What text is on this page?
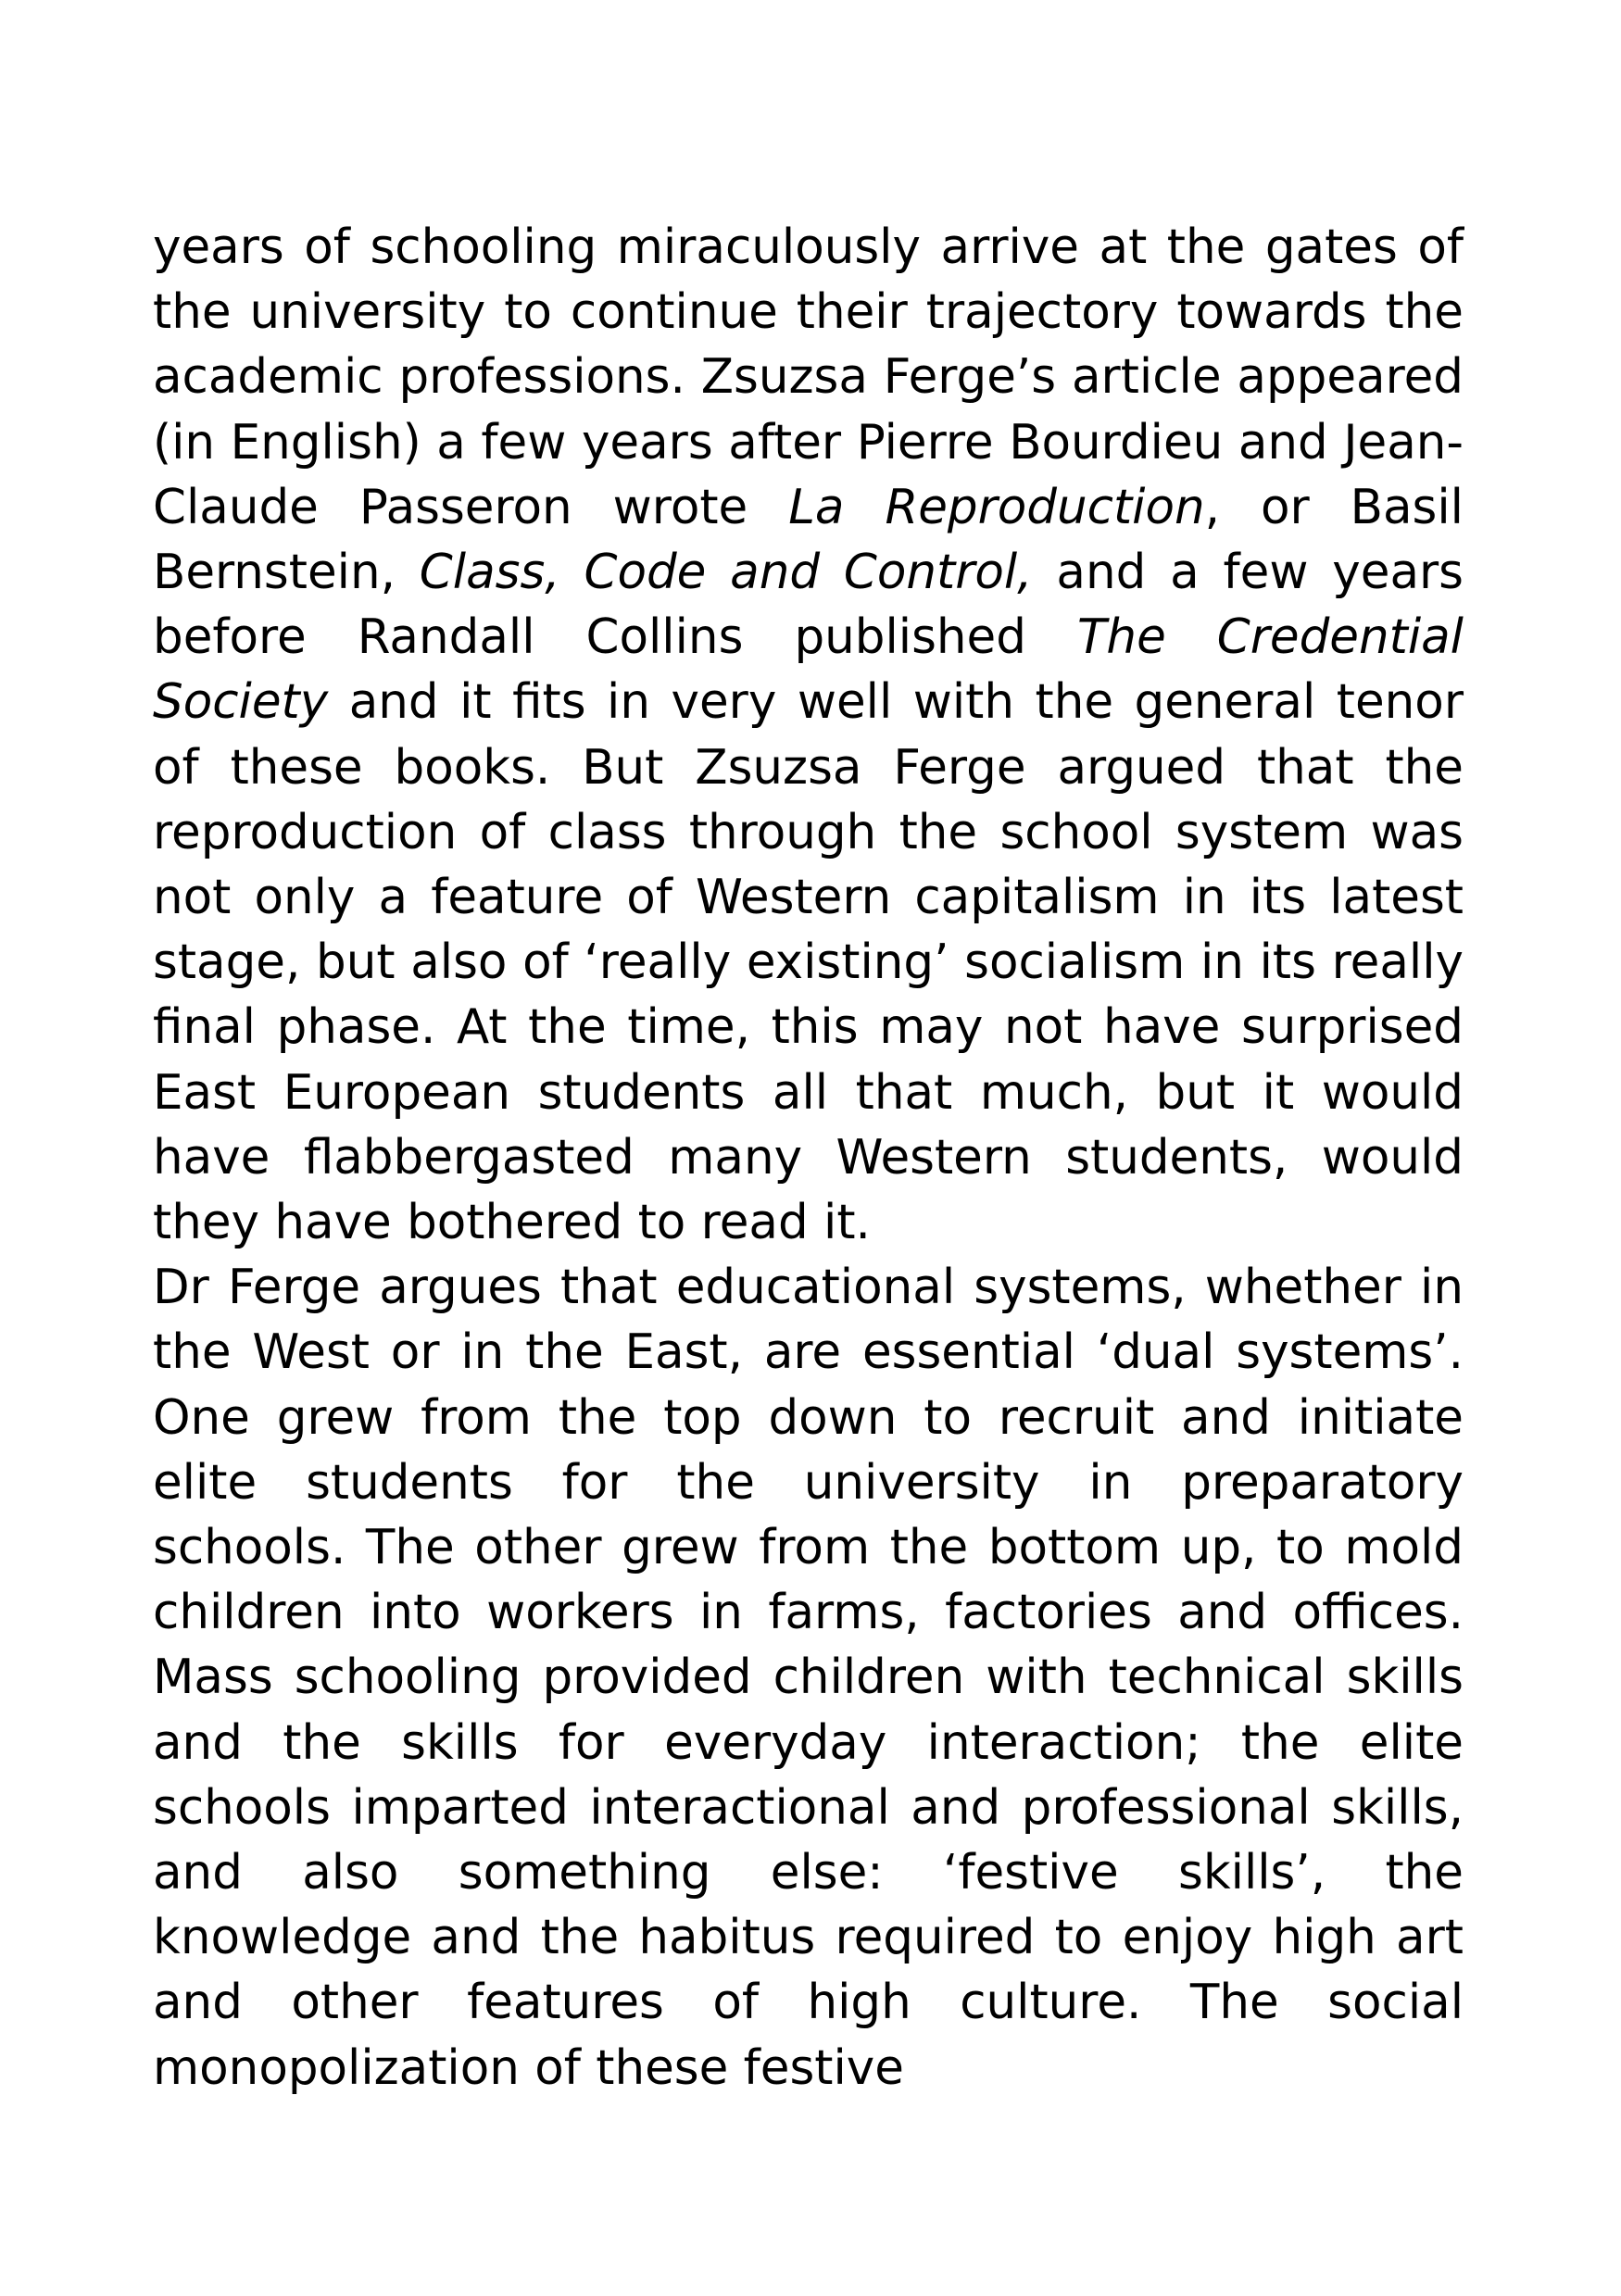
years of schooling miraculously arrive at the gates of the university to continue their trajectory towards the academic professions. Zsuzsa Ferge’s article appeared (in English) a few years after Pierre Bourdieu and Jean-Claude Passeron wrote La Reproduction, or Basil Bernstein, Class, Code and Control, and a few years before Randall Collins published The Credential Society and it fits in very well with the general tenor of these books. But Zsuzsa Ferge argued that the reproduction of class through the school system was not only a feature of Western capitalism in its latest stage, but also of ‘really existing’ socialism in its really final phase. At the time, this may not have surprised East European students all that much, but it would have flabbergasted many Western students, would they have bothered to read it.

Dr Ferge argues that educational systems, whether in the West or in the East, are essential ‘dual systems’. One grew from the top down to recruit and initiate elite students for the university in preparatory schools. The other grew from the bottom up, to mold children into workers in farms, factories and offices. Mass schooling provided children with technical skills and the skills for everyday interaction; the elite schools imparted interactional and professional skills, and also something else: ‘festive skills’, the knowledge and the habitus required to enjoy high art and other features of high culture. The social monopolization of these festive
